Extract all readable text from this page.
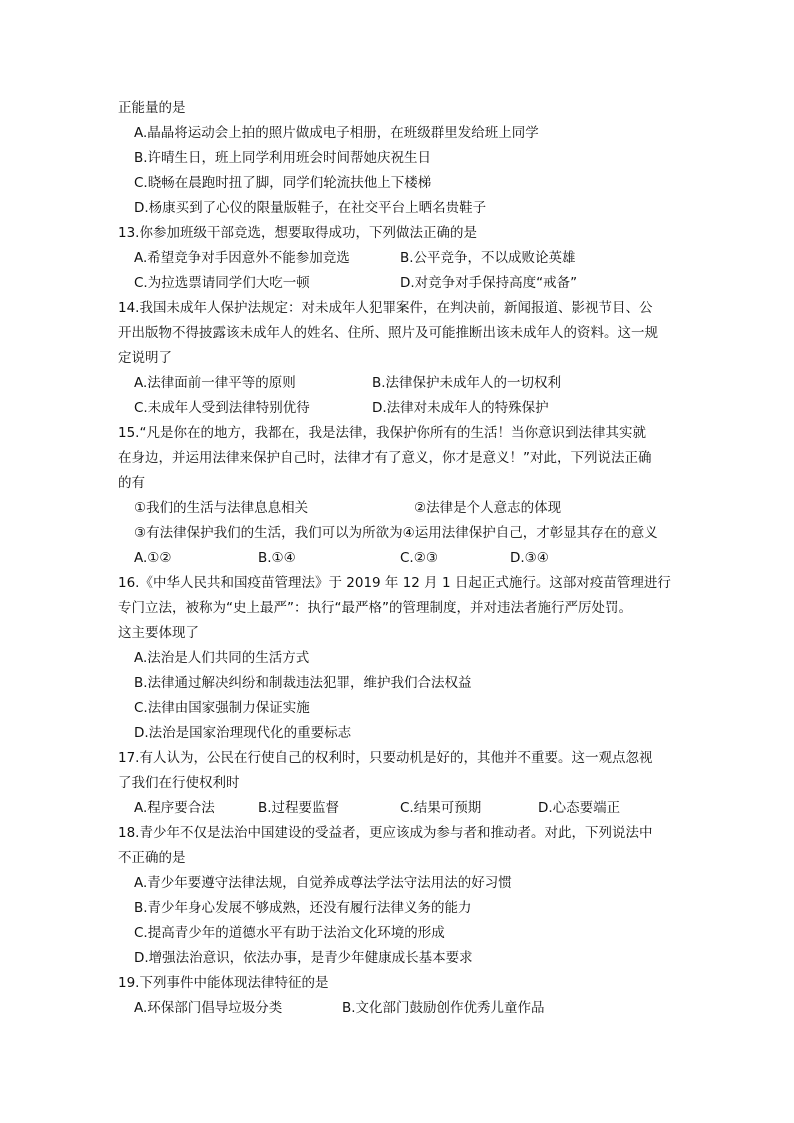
正能量的是
A.晶晶将运动会上拍的照片做成电子相册，在班级群里发给班上同学
B.许晴生日，班上同学利用班会时间帮她庆祝生日
C.晓畅在晨跑时扭了脚，同学们轮流扶他上下楼梯
D.杨康买到了心仪的限量版鞋子，在社交平台上晒名贵鞋子
13.你参加班级干部竞选，想要取得成功，下列做法正确的是
A.希望竞争对手因意外不能参加竞选	B.公平竞争，不以成败论英雄
C.为拉选票请同学们大吃一顿	D.对竞争对手保持高度“戒备”
14.我国未成年人保护法规定：对未成年人犯罪案件，在判决前，新闻报道、影视节目、公
开出版物不得披露该未成年人的姓名、住所、照片及可能推断出该未成年人的资料。这一规
定说明了
A.法律面前一律平等的原则	B.法律保护未成年人的一切权利
C.未成年人受到法律特别优待	D.法律对未成年人的特殊保护
15.“凡是你在的地方，我都在，我是法律，我保护你所有的生活！当你意识到法律其实就
在身边，并运用法律来保护自己时，法律才有了意义，你才是意义！”对此，下列说法正确
的有
①我们的生活与法律息息相关	②法律是个人意志的体现
③有法律保护我们的生活，我们可以为所欲为④运用法律保护自己，才彰显其存在的意义
A.①②	B.①④	C.②③	D.③④
16.《中华人民共和国疫苗管理法》于 2019 年 12 月 1 日起正式施行。这部对疫苗管理进行
专门立法，被称为“史上最严”：执行“最严格”的管理制度，并对违法者施行严厉处罚。
这主要体现了
A.法治是人们共同的生活方式
B.法律通过解决纠纷和制裁违法犯罪，维护我们合法权益
C.法律由国家强制力保证实施
D.法治是国家治理现代化的重要标志
17.有人认为，公民在行使自己的权利时，只要动机是好的，其他并不重要。这一观点忽视
了我们在行使权利时
A.程序要合法	B.过程要监督	C.结果可预期	D.心态要端正
18.青少年不仅是法治中国建设的受益者，更应该成为参与者和推动者。对此，下列说法中
不正确的是
A.青少年要遵守法律法规，自觉养成尊法学法守法用法的好习惯
B.青少年身心发展不够成熟，还没有履行法律义务的能力
C.提高青少年的道德水平有助于法治文化环境的形成
D.增强法治意识，依法办事，是青少年健康成长基本要求
19.下列事件中能体现法律特征的是
A.环保部门倡导垃圾分类	B.文化部门鼓励创作优秀儿童作品
